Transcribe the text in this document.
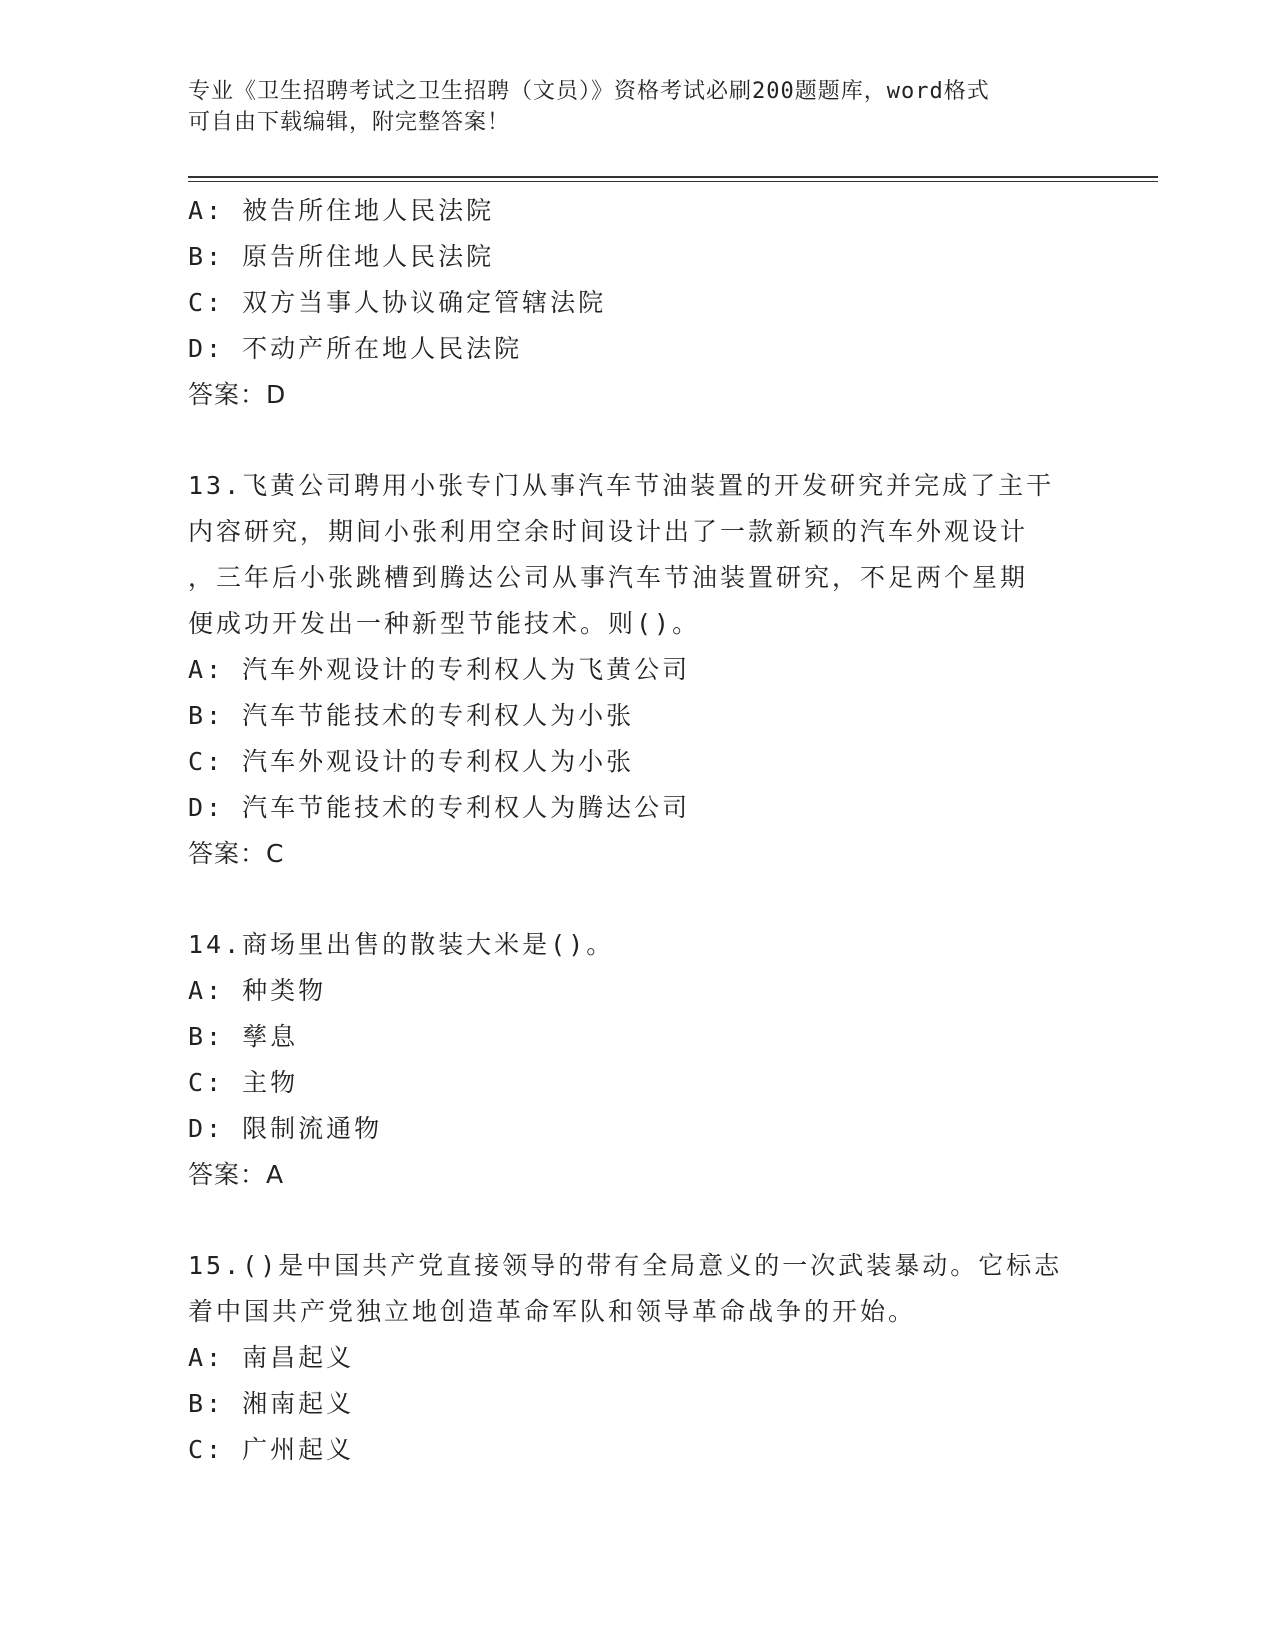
专业《卫生招聘考试之卫生招聘（文员）》资格考试必刷200题题库，word格式
可自由下载编辑，附完整答案！
A: 被告所住地人民法院
B: 原告所住地人民法院
C: 双方当事人协议确定管辖法院
D: 不动产所在地人民法院
答案：D
13.飞黄公司聘用小张专门从事汽车节油装置的开发研究并完成了主干
内容研究，期间小张利用空余时间设计出了一款新颖的汽车外观设计
，三年后小张跳槽到腾达公司从事汽车节油装置研究，不足两个星期
便成功开发出一种新型节能技术。则()。
A: 汽车外观设计的专利权人为飞黄公司
B: 汽车节能技术的专利权人为小张
C: 汽车外观设计的专利权人为小张
D: 汽车节能技术的专利权人为腾达公司
答案：C
14.商场里出售的散装大米是()。
A: 种类物
B: 孳息
C: 主物
D: 限制流通物
答案：A
15.()是中国共产党直接领导的带有全局意义的一次武装暴动。它标志
着中国共产党独立地创造革命军队和领导革命战争的开始。
A: 南昌起义
B: 湘南起义
C: 广州起义
